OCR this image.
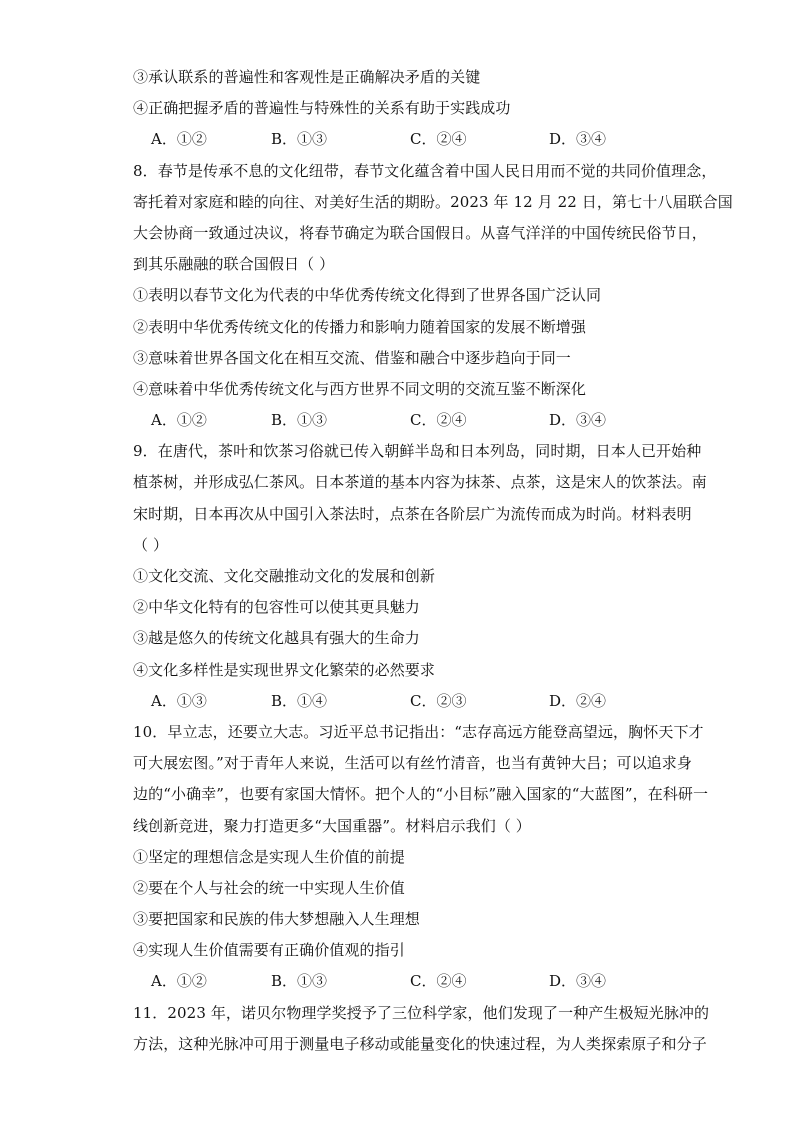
③承认联系的普遍性和客观性是正确解决矛盾的关键
④正确把握矛盾的普遍性与特殊性的关系有助于实践成功
A．①②	B．①③	C．②④	D．③④
8．春节是传承不息的文化纽带，春节文化蕴含着中国人民日用而不觉的共同价值理念，
寄托着对家庭和睦的向往、对美好生活的期盼。2023 年 12 月 22 日，第七十八届联合国
大会协商一致通过决议，将春节确定为联合国假日。从喜气洋洋的中国传统民俗节日，
到其乐融融的联合国假日（ ）
①表明以春节文化为代表的中华优秀传统文化得到了世界各国广泛认同
②表明中华优秀传统文化的传播力和影响力随着国家的发展不断增强
③意味着世界各国文化在相互交流、借鉴和融合中逐步趋向于同一
④意味着中华优秀传统文化与西方世界不同文明的交流互鉴不断深化
A．①②	B．①③	C．②④	D．③④
9．在唐代，茶叶和饮茶习俗就已传入朝鲜半岛和日本列岛，同时期，日本人已开始种
植茶树，并形成弘仁茶风。日本茶道的基本内容为抹茶、点茶，这是宋人的饮茶法。南
宋时期，日本再次从中国引入茶法时，点茶在各阶层广为流传而成为时尚。材料表明
（ ）
①文化交流、文化交融推动文化的发展和创新
②中华文化特有的包容性可以使其更具魅力
③越是悠久的传统文化越具有强大的生命力
④文化多样性是实现世界文化繁荣的必然要求
A．①③	B．①④	C．②③	D．②④
10．早立志，还要立大志。习近平总书记指出：“志存高远方能登高望远，胸怀天下才
可大展宏图。”对于青年人来说，生活可以有丝竹清音，也当有黄钟大吕；可以追求身
边的“小确幸”，也要有家国大情怀。把个人的“小目标”融入国家的“大蓝图”，在科研一
线创新竞进，聚力打造更多“大国重器”。材料启示我们（ ）
①坚定的理想信念是实现人生价值的前提
②要在个人与社会的统一中实现人生价值
③要把国家和民族的伟大梦想融入人生理想
④实现人生价值需要有正确价值观的指引
A．①②	B．①③	C．②④	D．③④
11．2023 年，诺贝尔物理学奖授予了三位科学家，他们发现了一种产生极短光脉冲的
方法，这种光脉冲可用于测量电子移动或能量变化的快速过程，为人类探索原子和分子
